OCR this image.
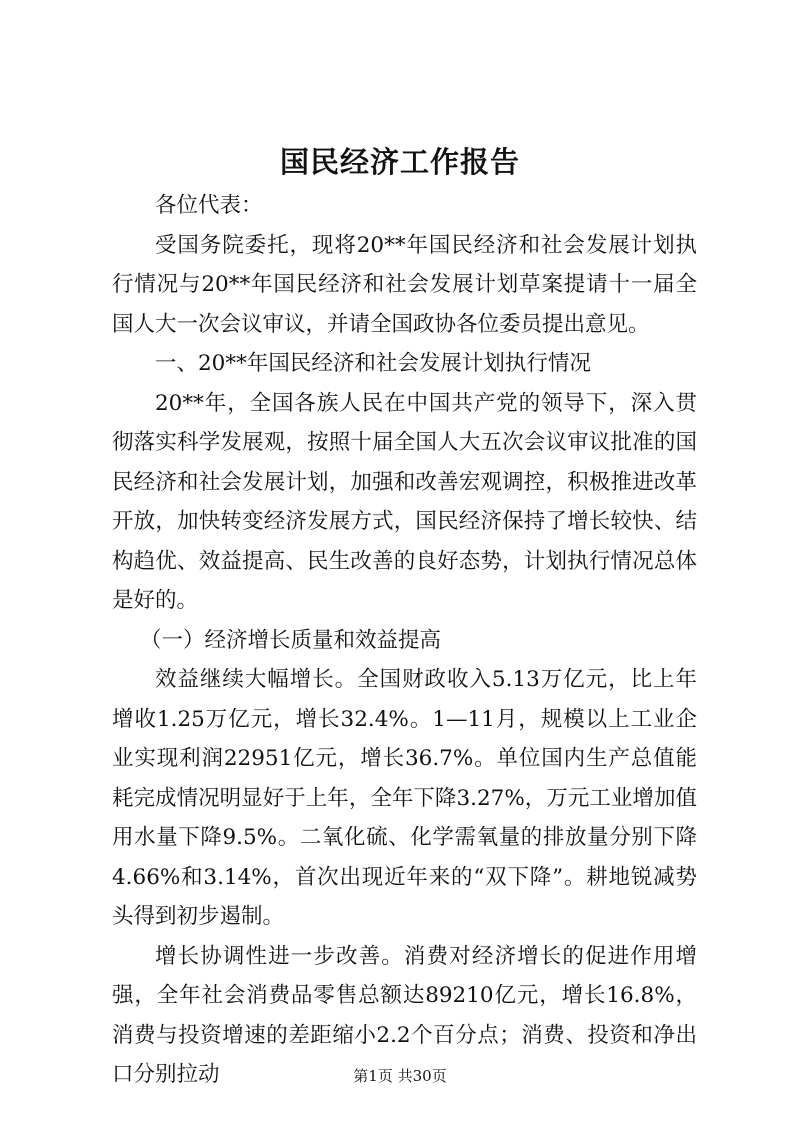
国民经济工作报告

各位代表：

受国务院委托，现将20**年国民经济和社会发展计划执行情况与20**年国民经济和社会发展计划草案提请十一届全国人大一次会议审议，并请全国政协各位委员提出意见。

一、20**年国民经济和社会发展计划执行情况

20**年，全国各族人民在中国共产党的领导下，深入贯彻落实科学发展观，按照十届全国人大五次会议审议批准的国民经济和社会发展计划，加强和改善宏观调控，积极推进改革开放，加快转变经济发展方式，国民经济保持了增长较快、结构趋优、效益提高、民生改善的良好态势，计划执行情况总体是好的。

（一）经济增长质量和效益提高

效益继续大幅增长。全国财政收入5.13万亿元，比上年增收1.25万亿元，增长32.4%。1—11月，规模以上工业企业实现利润22951亿元，增长36.7%。单位国内生产总值能耗完成情况明显好于上年，全年下降3.27%，万元工业增加值用水量下降9.5%。二氧化硫、化学需氧量的排放量分别下降4.66%和3.14%，首次出现近年来的“双下降”。耕地锐减势头得到初步遏制。

增长协调性进一步改善。消费对经济增长的促进作用增强，全年社会消费品零售总额达89210亿元，增长16.8%，消费与投资增速的差距缩小2.2个百分点；消费、投资和净出口分别拉动	第1页 共30页
